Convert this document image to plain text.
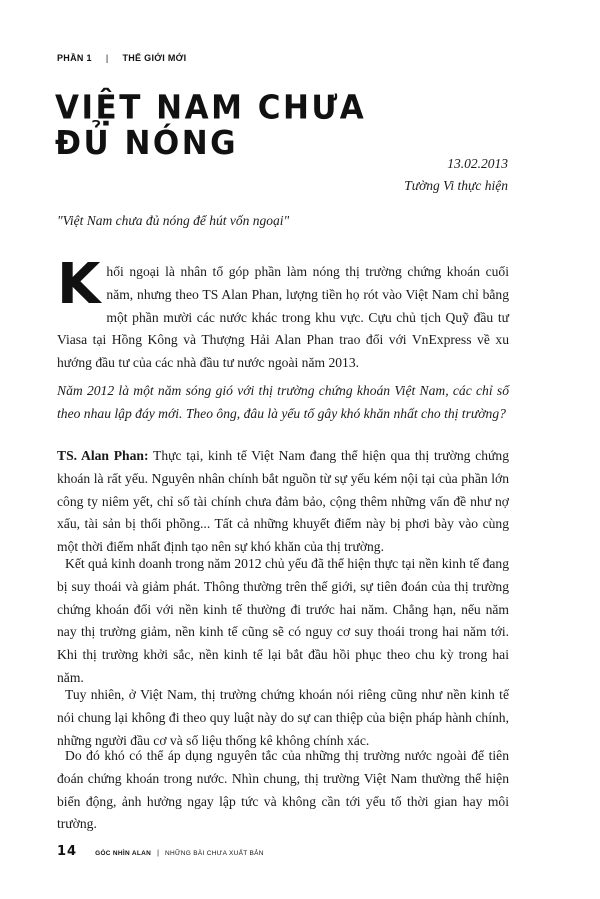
PHẦN 1 | THẾ GIỚI MỚI
VIỆT NAM CHƯA
ĐỦ NÓNG
13.02.2013
Tường Vi thực hiện
"Việt Nam chưa đủ nóng để hút vốn ngoại"

Khối ngoại là nhân tố góp phần làm nóng thị trường chứng khoán cuối năm, nhưng theo TS Alan Phan, lượng tiền họ rót vào Việt Nam chỉ bằng một phần mười các nước khác trong khu vực. Cựu chủ tịch Quỹ đầu tư Viasa tại Hồng Kông và Thượng Hải Alan Phan trao đổi với VnExpress về xu hướng đầu tư của các nhà đầu tư nước ngoài năm 2013.

Năm 2012 là một năm sóng gió với thị trường chứng khoán Việt Nam, các chỉ số theo nhau lập đáy mới. Theo ông, đâu là yếu tố gây khó khăn nhất cho thị trường?

TS. Alan Phan: Thực tại, kinh tế Việt Nam đang thể hiện qua thị trường chứng khoán là rất yếu. Nguyên nhân chính bắt nguồn từ sự yếu kém nội tại của phần lớn công ty niêm yết, chỉ số tài chính chưa đảm bảo, cộng thêm những vấn đề như nợ xấu, tài sản bị thổi phồng... Tất cả những khuyết điểm này bị phơi bày vào cùng một thời điểm nhất định tạo nên sự khó khăn của thị trường.

Kết quả kinh doanh trong năm 2012 chủ yếu đã thể hiện thực tại nền kinh tế đang bị suy thoái và giảm phát. Thông thường trên thế giới, sự tiên đoán của thị trường chứng khoán đối với nền kinh tế thường đi trước hai năm. Chẳng hạn, nếu năm nay thị trường giảm, nền kinh tế cũng sẽ có nguy cơ suy thoái trong hai năm tới. Khi thị trường khởi sắc, nền kinh tế lại bắt đầu hồi phục theo chu kỳ trong hai năm.

Tuy nhiên, ở Việt Nam, thị trường chứng khoán nói riêng cũng như nền kinh tế nói chung lại không đi theo quy luật này do sự can thiệp của biện pháp hành chính, những người đầu cơ và số liệu thống kê không chính xác.

Do đó khó có thể áp dụng nguyên tắc của những thị trường nước ngoài để tiên đoán chứng khoán trong nước. Nhìn chung, thị trường Việt Nam thường thể hiện biến động, ảnh hưởng ngay lập tức và không cần tới yếu tố thời gian hay môi trường.

14	GÓC NHÌN ALAN | NHỮNG BÀI CHƯA XUẤT BẢN
